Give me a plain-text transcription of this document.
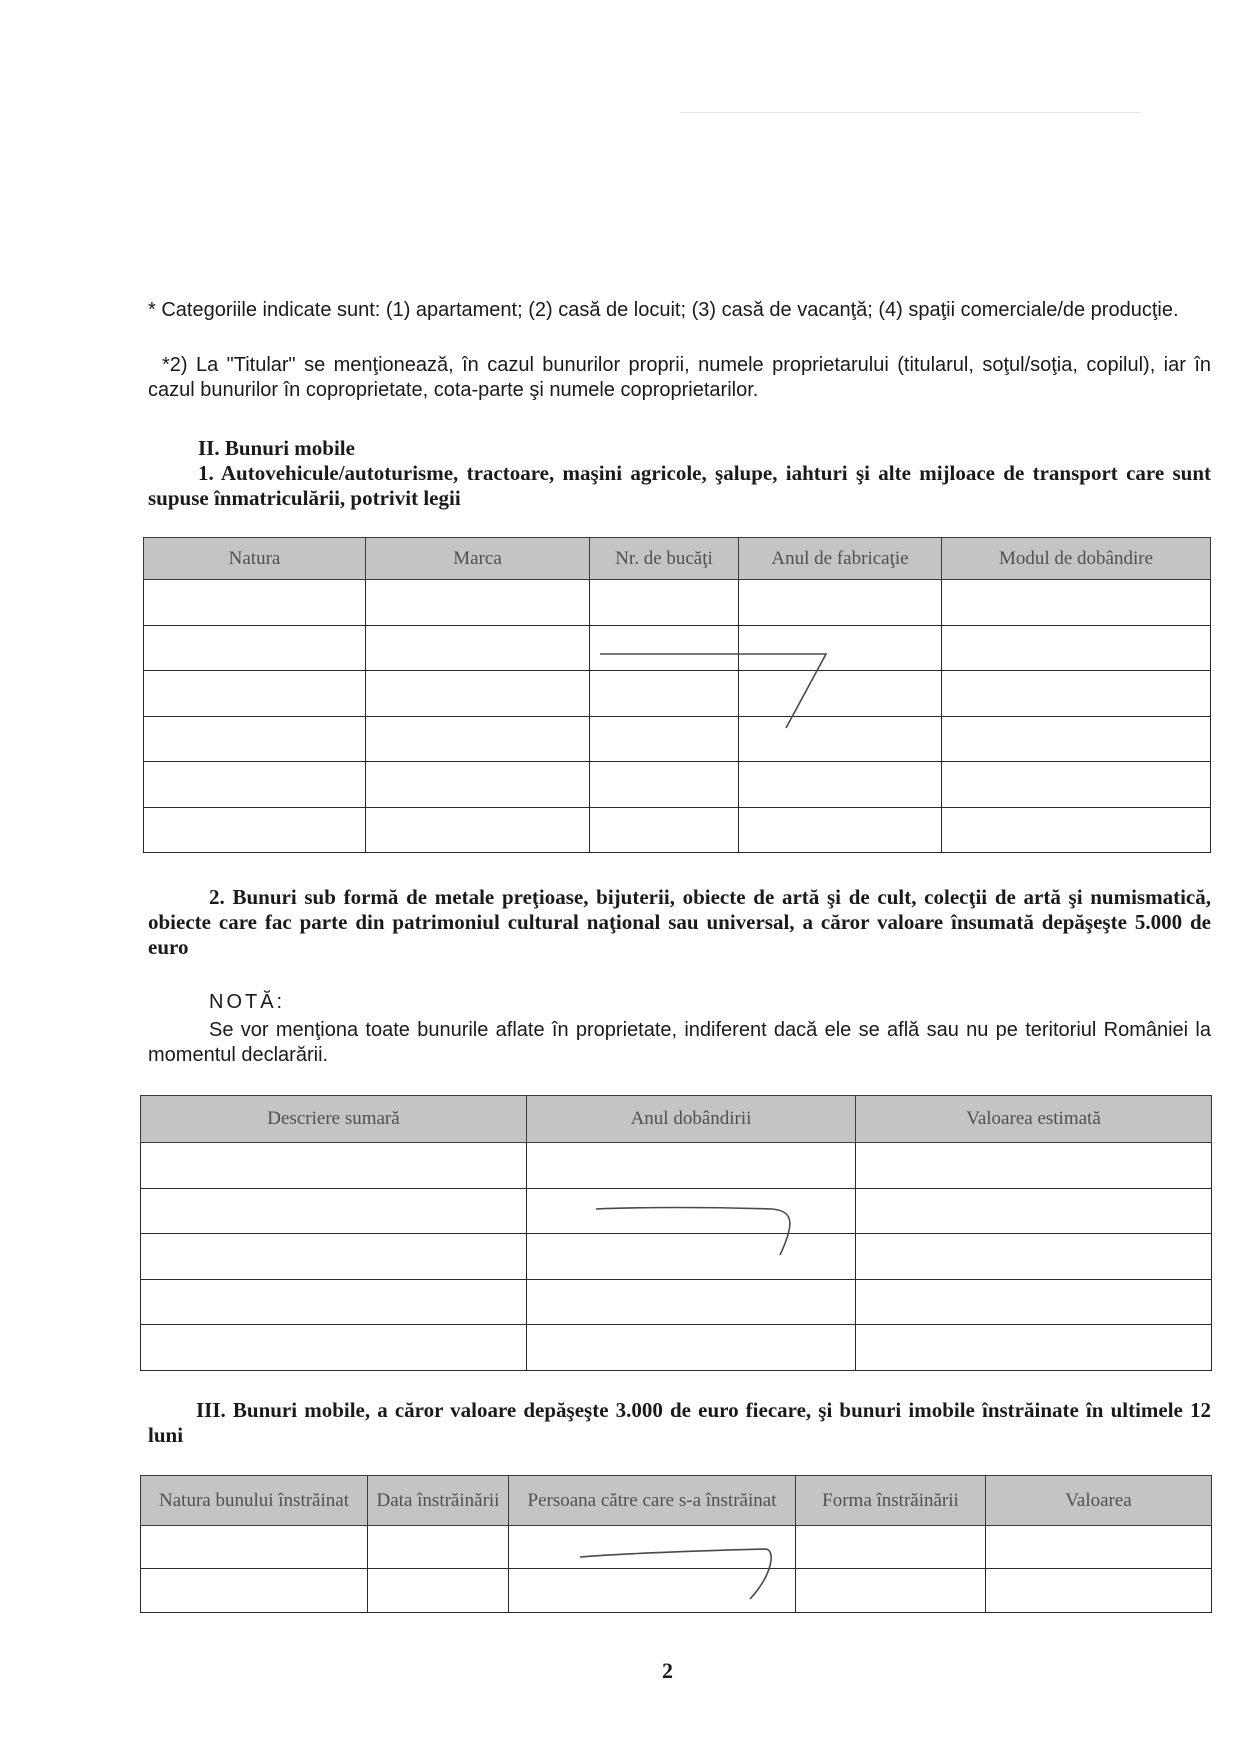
* Categoriile indicate sunt: (1) apartament; (2) casă de locuit; (3) casă de vacanţă; (4) spaţii comerciale/de producţie.
*2) La "Titular" se menţionează, în cazul bunurilor proprii, numele proprietarului (titularul, soţul/soţia, copilul), iar în cazul bunurilor în coproprietate, cota-parte şi numele coproprietarilor.
II. Bunuri mobile
1. Autovehicule/autoturisme, tractoare, maşini agricole, şalupe, iahturi şi alte mijloace de transport care sunt supuse înmatriculării, potrivit legii
Natura	Marca	Nr. de bucăţi	Anul de fabricaţie	Modul de dobândire

2. Bunuri sub formă de metale preţioase, bijuterii, obiecte de artă şi de cult, colecţii de artă şi numismatică, obiecte care fac parte din patrimoniul cultural naţional sau universal, a căror valoare însumată depăşeşte 5.000 de euro
NOTĂ:
Se vor menţiona toate bunurile aflate în proprietate, indiferent dacă ele se află sau nu pe teritoriul României la momentul declarării.
Descriere sumară	Anul dobândirii	Valoarea estimată

III. Bunuri mobile, a căror valoare depăşeşte 3.000 de euro fiecare, şi bunuri imobile înstrăinate în ultimele 12 luni
Natura bunului înstrăinat	Data înstrăinării	Persoana către care s-a înstrăinat	Forma înstrăinării	Valoarea

2
